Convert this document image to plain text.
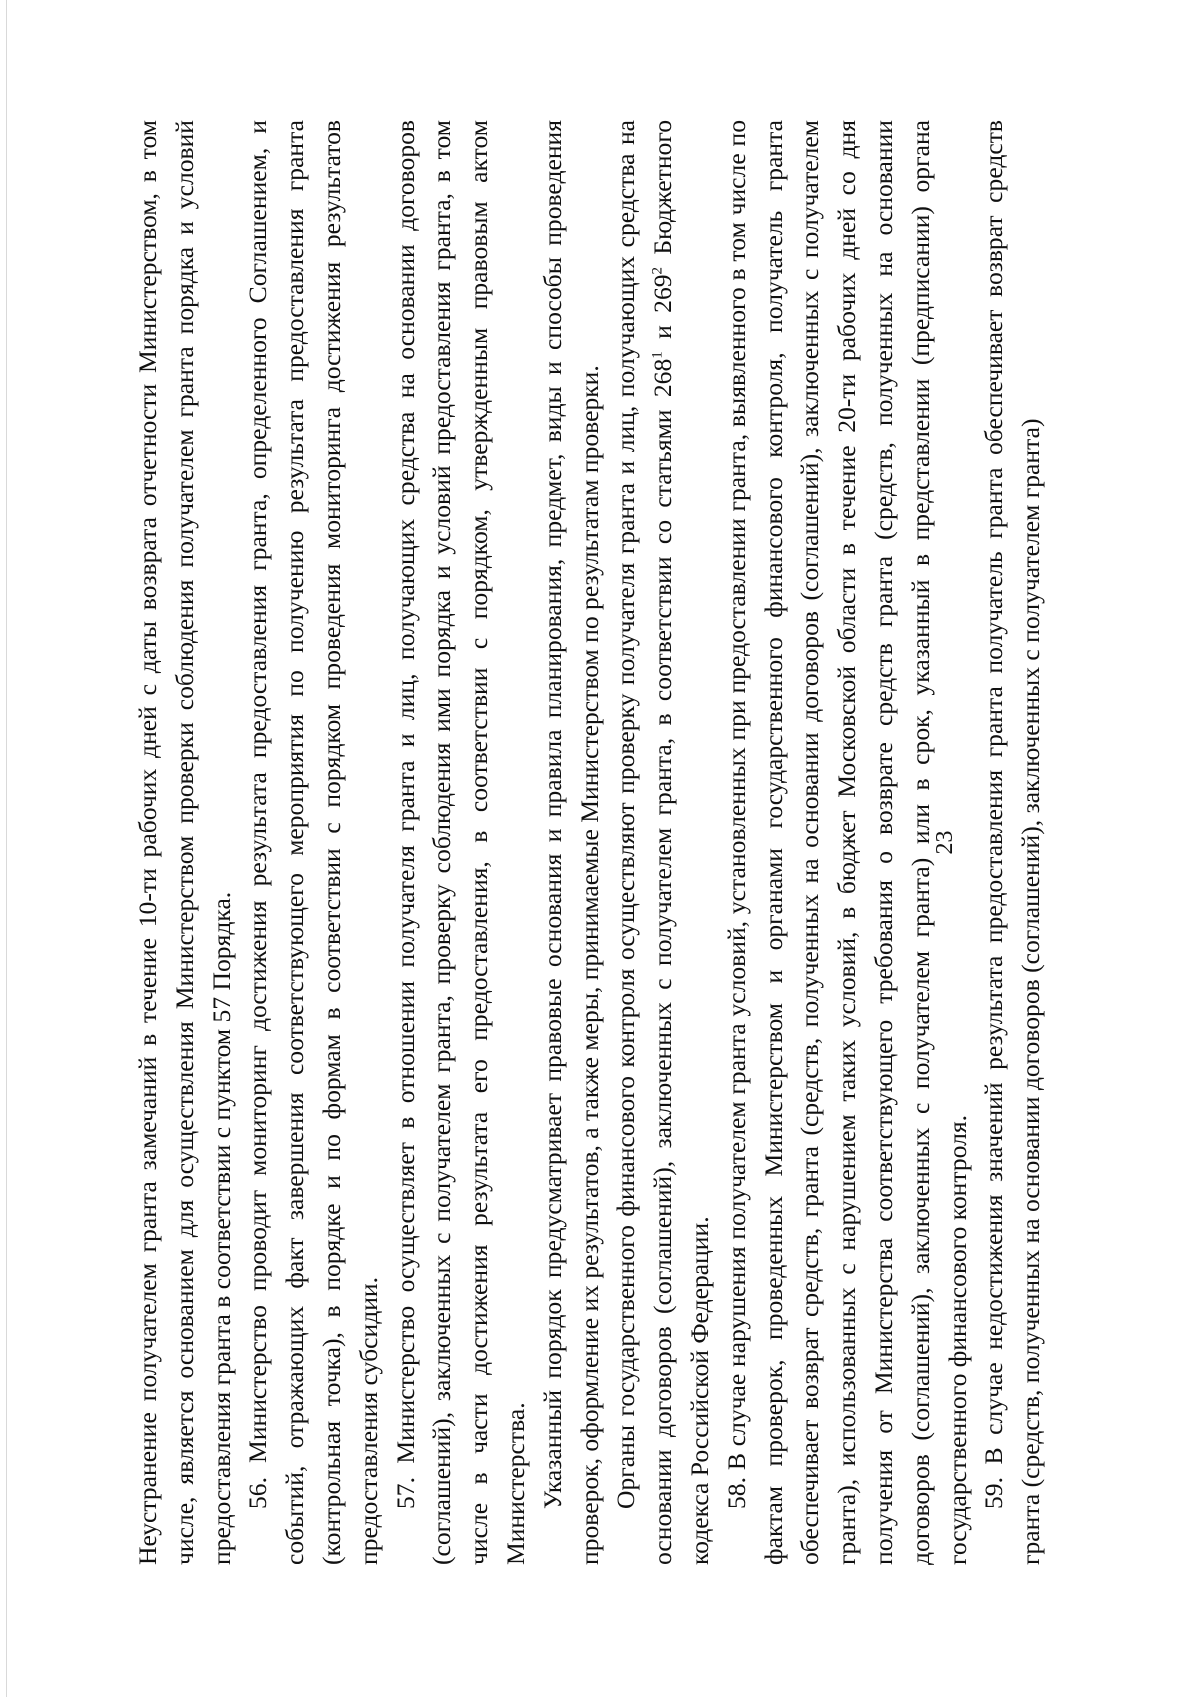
23

Неустранение получателем гранта замечаний в течение 10-ти рабочих дней с даты возврата отчетности Министерством, в том числе, является основанием для осуществления Министерством проверки соблюдения получателем гранта порядка и условий предоставления гранта в соответствии с пунктом 57 Порядка. 56. Министерство проводит мониторинг достижения результата предоставления гранта, определенного Соглашением, и событий, отражающих факт завершения соответствующего мероприятия по получению результата предоставления гранта (контрольная точка), в порядке и по формам в соответствии с порядком проведения мониторинга достижения результатов предоставления субсидии. 57. Министерство осуществляет в отношении получателя гранта и лиц, получающих средства на основании договоров (соглашений), заключенных с получателем гранта, проверку соблюдения ими порядка и условий предоставления гранта, в том числе в части достижения результата его предоставления, в соответствии с порядком, утвержденным правовым актом Министерства. Указанный порядок предусматривает правовые основания и правила планирования, предмет, виды и способы проведения проверок, оформление их результатов, а также меры, принимаемые Министерством по результатам проверки. Органы государственного финансового контроля осуществляют проверку получателя гранта и лиц, получающих средства на основании договоров (соглашений), заключенных с получателем гранта, в соответствии со статьями $268^1$ и $269^2$ Бюджетного кодекса Российской Федерации. 58. В случае нарушения получателем гранта условий, установленных при предоставлении гранта, выявленного в том числе по фактам проверок, проведенных Министерством и органами государственного финансового контроля, получатель гранта обеспечивает возврат средств, гранта (средств, полученных на основании договоров (соглашений), заключенных с получателем гранта), использованных с нарушением таких условий, в бюджет Московской области в течение 20-ти рабочих дней со дня получения от Министерства соответствующего требования о возврате средств гранта (средств, полученных на основании договоров (соглашений), заключенных с получателем гранта) или в срок, указанный в представлении (предписании) органа государственного финансового контроля. 59. В случае недостижения значений результата предоставления гранта получатель гранта обеспечивает возврат средств гранта (средств, полученных на основании договоров (соглашений), заключенных с получателем гранта)
